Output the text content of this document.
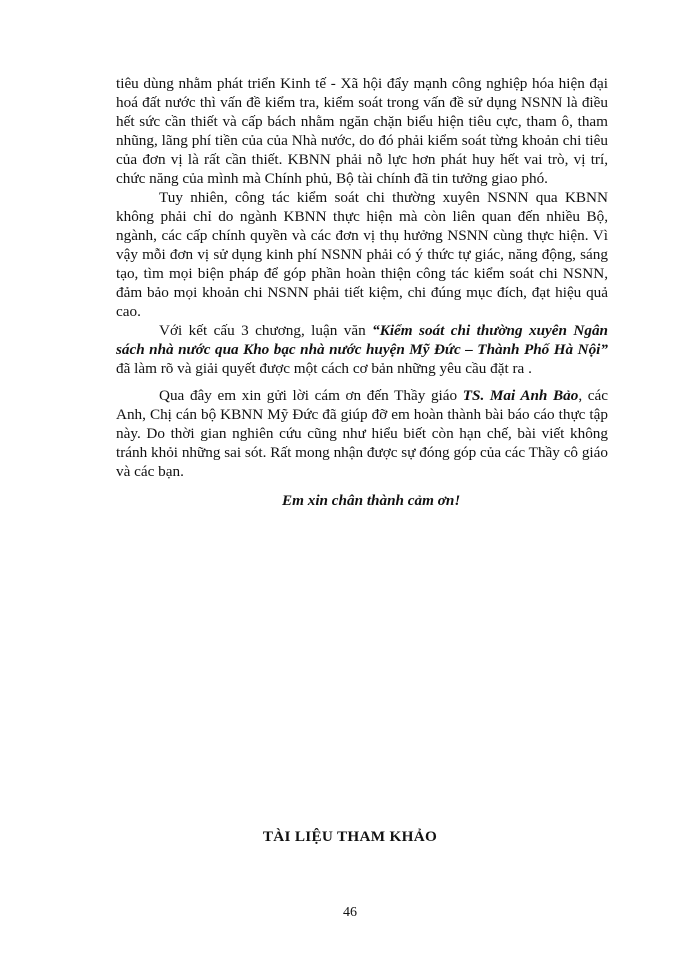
tiêu dùng nhằm phát triển Kinh tế - Xã hội đẩy mạnh công nghiệp hóa hiện đại hoá đất nước thì vấn đề kiểm tra, kiểm soát trong vấn đề sử dụng NSNN là điều hết sức cần thiết và cấp bách nhằm ngăn chặn biểu hiện tiêu cực, tham ô, tham nhũng, lãng phí tiền của của Nhà nước, do đó phải kiểm soát từng khoản chi tiêu của đơn vị là rất cần thiết. KBNN phải nỗ lực hơn phát huy hết vai trò, vị trí, chức năng của mình mà Chính phủ, Bộ tài chính đã tin tưởng giao phó.

Tuy nhiên, công tác kiểm soát chi thường xuyên NSNN qua KBNN không phải chỉ do ngành KBNN thực hiện mà còn liên quan đến nhiều Bộ, ngành, các cấp chính quyền và các đơn vị thụ hưởng NSNN cùng thực hiện. Vì vậy mỗi đơn vị sử dụng kinh phí NSNN phải có ý thức tự giác, năng động, sáng tạo, tìm mọi biện pháp để góp phần hoàn thiện công tác kiểm soát chi NSNN, đảm bảo mọi khoản chi NSNN phải tiết kiệm, chi đúng mục đích, đạt hiệu quả cao.

Với kết cấu 3 chương, luận văn “Kiểm soát chi thường xuyên Ngân sách nhà nước qua Kho bạc nhà nước huyện Mỹ Đức – Thành Phố Hà Nội” đã làm rõ và giải quyết được một cách cơ bản những yêu cầu đặt ra .

Qua đây em xin gửi lời cám ơn đến Thầy giáo TS. Mai Anh Bảo, các Anh, Chị cán bộ KBNN Mỹ Đức đã giúp đỡ em hoàn thành bài báo cáo thực tập này. Do thời gian nghiên cứu cũng như hiểu biết còn hạn chế, bài viết không tránh khỏi những sai sót. Rất mong nhận được sự đóng góp của các Thầy cô giáo và các bạn.

Em xin chân thành cảm ơn!

TÀI LIỆU THAM KHẢO
46
